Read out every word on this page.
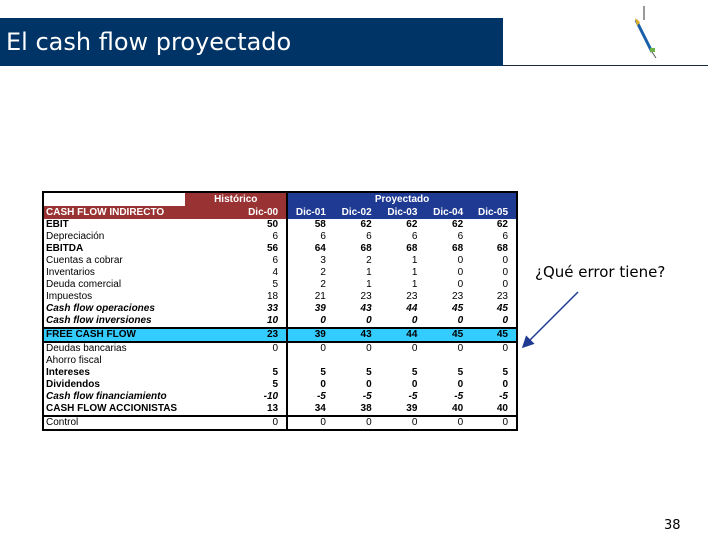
El cash flow proyectado
	Histórico	Proyectado				
CASH FLOW INDIRECTO	Dic-00	Dic-01	Dic-02	Dic-03	Dic-04	Dic-05
EBIT	50	58	62	62	62	62
Depreciación	6	6	6	6	6	6
EBITDA	56	64	68	68	68	68
Cuentas a cobrar	6	3	2	1	0	0
Inventarios	4	2	1	1	0	0
Deuda comercial	5	2	1	1	0	0
Impuestos	18	21	23	23	23	23
Cash flow operaciones	33	39	43	44	45	45
Cash flow inversiones	10	0	0	0	0	0
FREE CASH FLOW	23	39	43	44	45	45
Deudas bancarias	0	0	0	0	0	0
Ahorro fiscal						
Intereses	5	5	5	5	5	5
Dividendos	5	0	0	0	0	0
Cash flow financiamiento	-10	-5	-5	-5	-5	-5
CASH FLOW ACCIONISTAS	13	34	38	39	40	40
Control	0	0	0	0	0	0
¿Qué error tiene?
38
